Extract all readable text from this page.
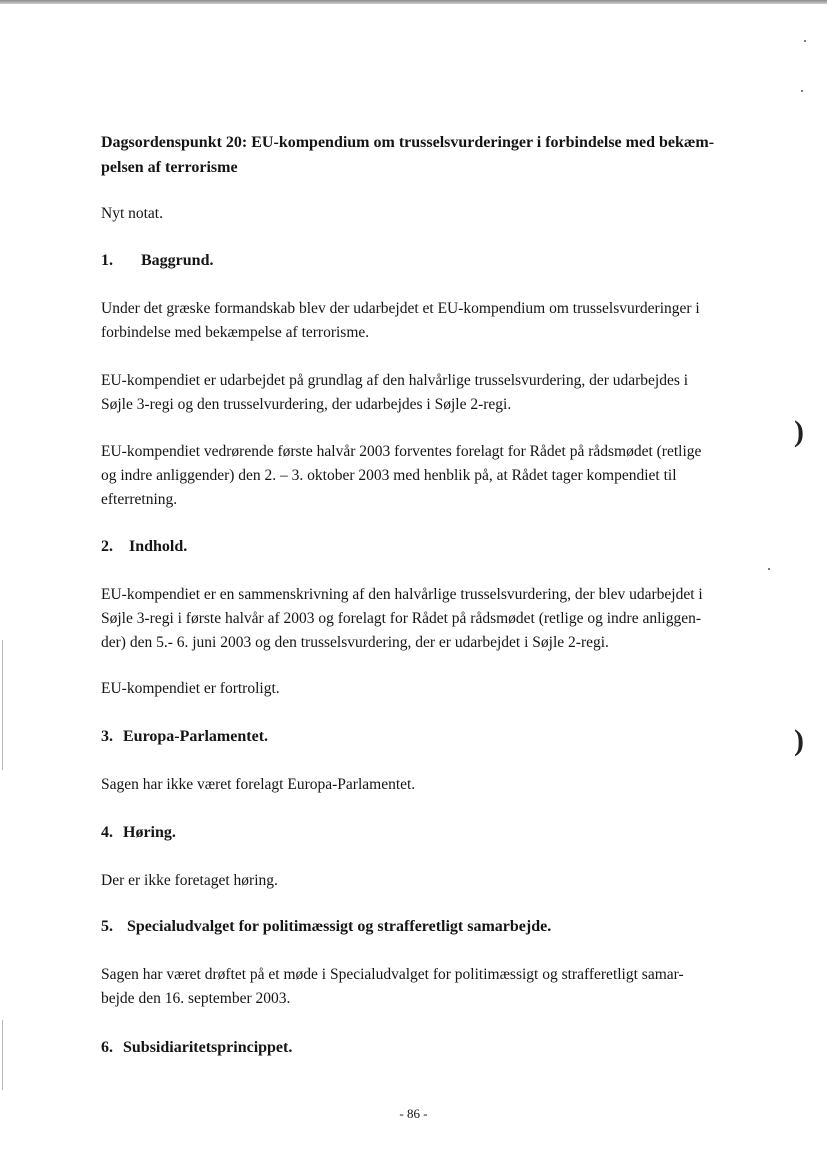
Dagsordenspunkt 20: EU-kompendium om trusselsvurderinger i forbindelse med bekæm-
pelsen af terrorisme

Nyt notat.

1. Baggrund.

Under det græske formandskab blev der udarbejdet et EU-kompendium om trusselsvurderinger i
forbindelse med bekæmpelse af terrorisme.

EU-kompendiet er udarbejdet på grundlag af den halvårlige trusselsvurdering, der udarbejdes i
Søjle 3-regi og den trusselvurdering, der udarbejdes i Søjle 2-regi.

EU-kompendiet vedrørende første halvår 2003 forventes forelagt for Rådet på rådsmødet (retlige
og indre anliggender) den 2. – 3. oktober 2003 med henblik på, at Rådet tager kompendiet til
efterretning.

2. Indhold.

EU-kompendiet er en sammenskrivning af den halvårlige trusselsvurdering, der blev udarbejdet i
Søjle 3-regi i første halvår af 2003 og forelagt for Rådet på rådsmødet (retlige og indre anliggen-
der) den 5.- 6. juni 2003 og den trusselsvurdering, der er udarbejdet i Søjle 2-regi.

EU-kompendiet er fortroligt.

3. Europa-Parlamentet.

Sagen har ikke været forelagt Europa-Parlamentet.

4. Høring.

Der er ikke foretaget høring.

5. Specialudvalget for politimæssigt og strafferetligt samarbejde.

Sagen har været drøftet på et møde i Specialudvalget for politimæssigt og strafferetligt samar-
bejde den 16. september 2003.

6. Subsidiaritetsprincippet.

- 86 -
)
)
